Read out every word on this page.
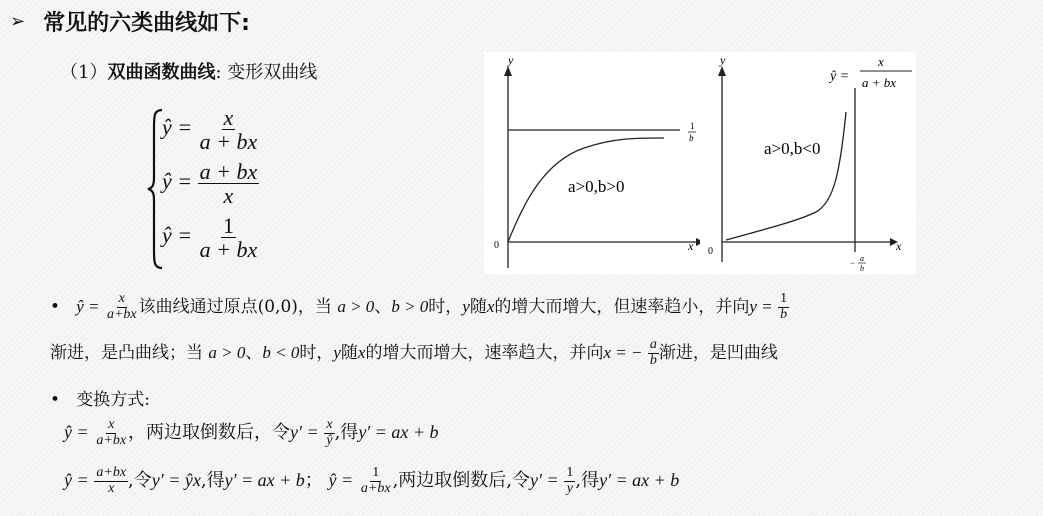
➢ 常见的六类曲线如下:
（1）双曲函数曲线: 变形双曲线
ŷ = $\frac{x}{a + bx}$
ŷ = $\frac{a + bx}{x}$
ŷ = $\frac{1}{a + bx}$
y
x
0
1
b
a>0,b>0
y
x
0
ŷ =
x
a + bx
a>0,b<0
− a
b
• ŷ = $\frac{x}{a+bx}$ 该曲线通过原点(0,0)，当 a > 0、b > 0时，y随x的增大而增大，但速率趋小，并向$y = \frac{1}{b}$
渐进，是凸曲线；当 a > 0、b < 0时，y随x的增大而增大，速率趋大，并向x = − $\frac{a}{b}$ 渐进，是凹曲线
• 变换方式:
ŷ = $\frac{x}{a+bx}$ ，两边取倒数后，令$y' = \frac{x}{ŷ}$ ,得y′ = ax + b
ŷ = $\frac{a+bx}{x}$ ,令y′ = ŷx,得y′ = ax + b； ŷ = $\frac{1}{a+bx}$ ,两边取倒数后,令$y' = \frac{1}{y}$ ,得y′ = ax + b
